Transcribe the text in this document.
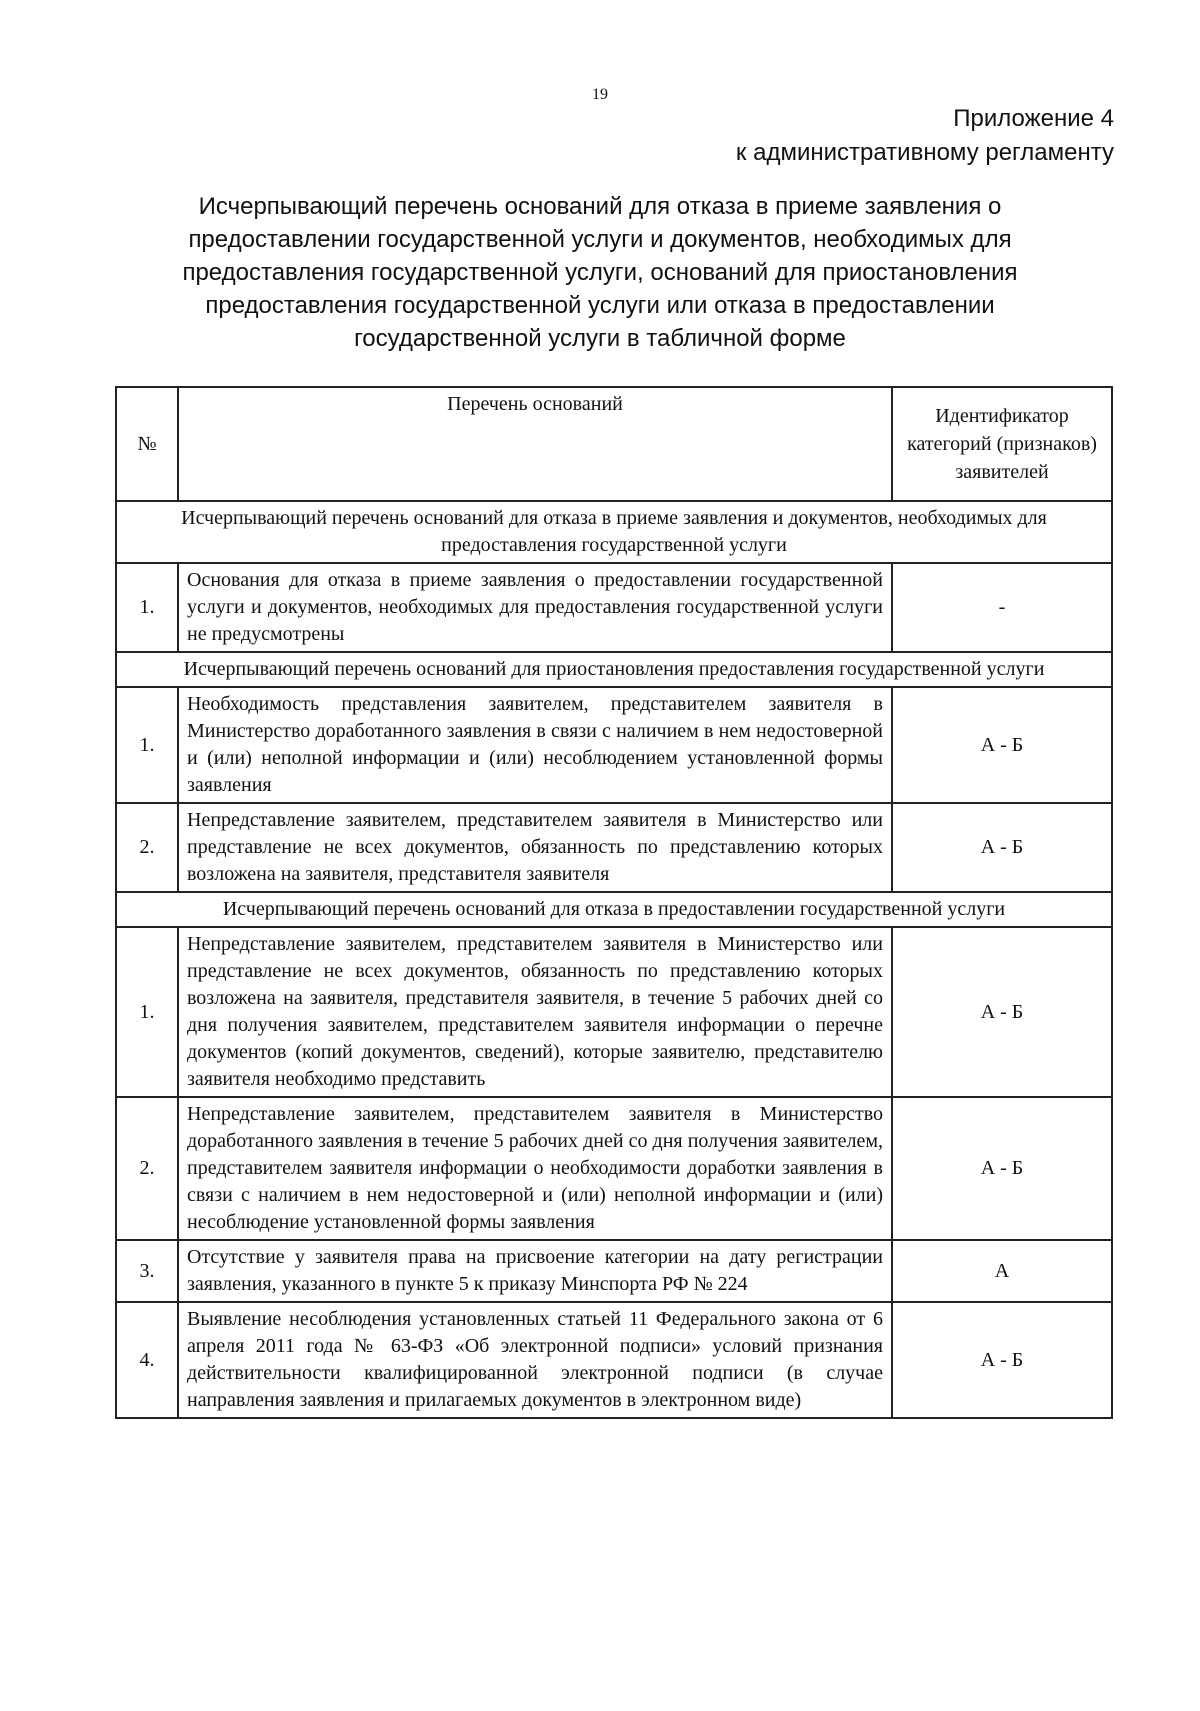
19
Приложение 4
к административному регламенту
Исчерпывающий перечень оснований для отказа в приеме заявления о предоставлении государственной услуги и документов, необходимых для предоставления государственной услуги, оснований для приостановления предоставления государственной услуги или отказа в предоставлении государственной услуги в табличной форме
№	Перечень оснований	Идентификатор категорий (признаков) заявителей
Исчерпывающий перечень оснований для отказа в приеме заявления и документов, необходимых для предоставления государственной услуги		
1.	Основания для отказа в приеме заявления о предоставлении государственной услуги и документов, необходимых для предоставления государственной услуги не предусмотрены	-
Исчерпывающий перечень оснований для приостановления предоставления государственной услуги		
1.	Необходимость представления заявителем, представителем заявителя в Министерство доработанного заявления в связи с наличием в нем недостоверной и (или) неполной информации и (или) несоблюдением установленной формы заявления	А - Б
2.	Непредставление заявителем, представителем заявителя в Министерство или представление не всех документов, обязанность по представлению которых возложена на заявителя, представителя заявителя	А - Б
Исчерпывающий перечень оснований для отказа в предоставлении государственной услуги		
1.	Непредставление заявителем, представителем заявителя в Министерство или представление не всех документов, обязанность по представлению которых возложена на заявителя, представителя заявителя, в течение 5 рабочих дней со дня получения заявителем, представителем заявителя информации о перечне документов (копий документов, сведений), которые заявителю, представителю заявителя необходимо представить	А - Б
2.	Непредставление заявителем, представителем заявителя в Министерство доработанного заявления в течение 5 рабочих дней со дня получения заявителем, представителем заявителя информации о необходимости доработки заявления в связи с наличием в нем недостоверной и (или) неполной информации и (или) несоблюдение установленной формы заявления	А - Б
3.	Отсутствие у заявителя права на присвоение категории на дату регистрации заявления, указанного в пункте 5 к приказу Минспорта РФ № 224	А
4.	Выявление несоблюдения установленных статьей 11 Федерального закона от 6 апреля 2011 года № 63-ФЗ «Об электронной подписи» условий признания действительности квалифицированной электронной подписи (в случае направления заявления и прилагаемых документов в электронном виде)	А - Б
